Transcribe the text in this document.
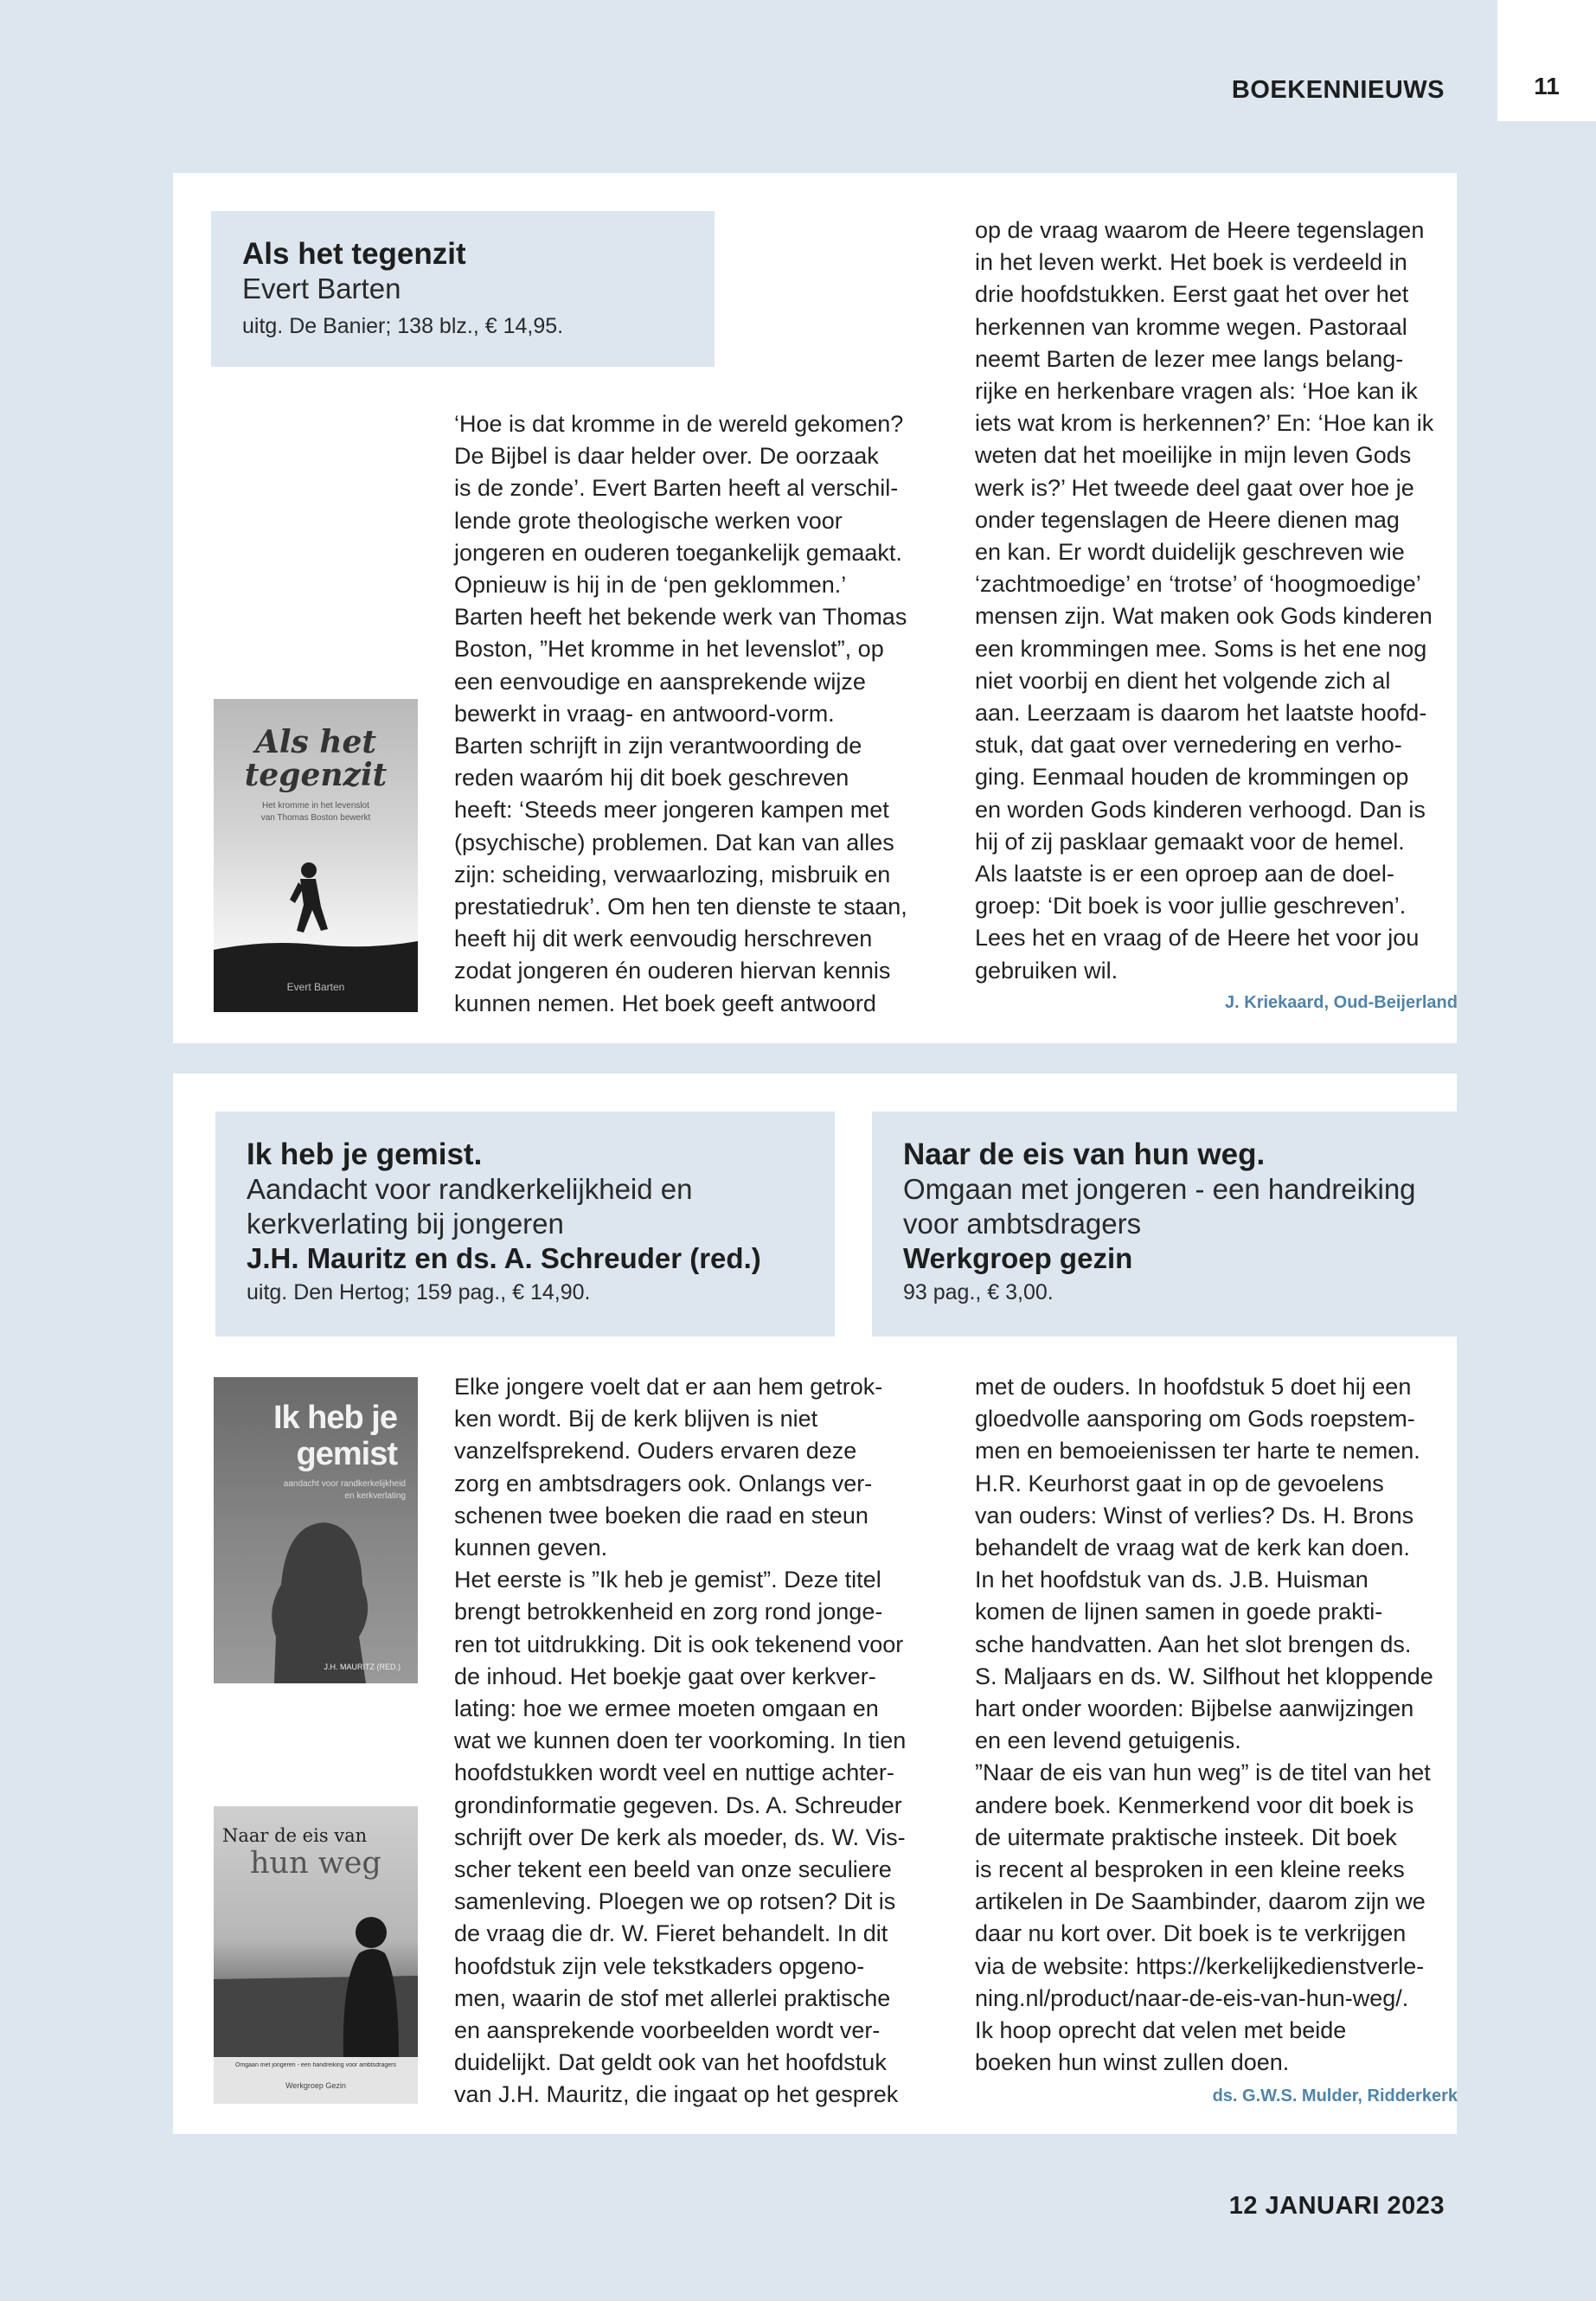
11
BOEKENNIEUWS
Als het tegenzit
Evert Barten
uitg. De Banier; 138 blz., € 14,95.
Als het
tegenzit
Het kromme in het levenslot
van Thomas Boston bewerkt
Evert Barten
‘Hoe is dat kromme in de wereld gekomen?
De Bijbel is daar helder over. De oorzaak
is de zonde’. Evert Barten heeft al verschil-
lende grote theologische werken voor
jongeren en ouderen toegankelijk gemaakt.
Opnieuw is hij in de ‘pen geklommen.’
Barten heeft het bekende werk van Thomas
Boston, ”Het kromme in het levenslot”, op
een eenvoudige en aansprekende wijze
bewerkt in vraag- en antwoord-vorm.
Barten schrijft in zijn verantwoording de
reden waaróm hij dit boek geschreven
heeft: ‘Steeds meer jongeren kampen met
(psychische) problemen. Dat kan van alles
zijn: scheiding, verwaarlozing, misbruik en
prestatiedruk’. Om hen ten dienste te staan,
heeft hij dit werk eenvoudig herschreven
zodat jongeren én ouderen hiervan kennis
kunnen nemen. Het boek geeft antwoord
op de vraag waarom de Heere tegenslagen
in het leven werkt. Het boek is verdeeld in
drie hoofdstukken. Eerst gaat het over het
herkennen van kromme wegen. Pastoraal
neemt Barten de lezer mee langs belang-
rijke en herkenbare vragen als: ‘Hoe kan ik
iets wat krom is herkennen?’ En: ‘Hoe kan ik
weten dat het moeilijke in mijn leven Gods
werk is?’ Het tweede deel gaat over hoe je
onder tegenslagen de Heere dienen mag
en kan. Er wordt duidelijk geschreven wie
‘zachtmoedige’ en ‘trotse’ of ‘hoogmoedige’
mensen zijn. Wat maken ook Gods kinderen
een krommingen mee. Soms is het ene nog
niet voorbij en dient het volgende zich al
aan. Leerzaam is daarom het laatste hoofd-
stuk, dat gaat over vernedering en verho-
ging. Eenmaal houden de krommingen op
en worden Gods kinderen verhoogd. Dan is
hij of zij pasklaar gemaakt voor de hemel.
Als laatste is er een oproep aan de doel-
groep: ‘Dit boek is voor jullie geschreven’.
Lees het en vraag of de Heere het voor jou
gebruiken wil.
J. Kriekaard, Oud-Beijerland
Ik heb je gemist.
Aandacht voor randkerkelijkheid en
kerkverlating bij jongeren
J.H. Mauritz en ds. A. Schreuder (red.)
uitg. Den Hertog; 159 pag., € 14,90.
Naar de eis van hun weg.
Omgaan met jongeren - een handreiking
voor ambtsdragers
Werkgroep gezin
93 pag., € 3,00.
Ik heb je
gemist
aandacht voor randkerkelijkheid
en kerkverlating
J.H. MAURITZ (RED.)
Naar de eis van
hun weg
Omgaan met jongeren - een handreiking voor ambtsdragers
Werkgroep Gezin
Elke jongere voelt dat er aan hem getrok-
ken wordt. Bij de kerk blijven is niet
vanzelfsprekend. Ouders ervaren deze
zorg en ambtsdragers ook. Onlangs ver-
schenen twee boeken die raad en steun
kunnen geven.
Het eerste is ”Ik heb je gemist”. Deze titel
brengt betrokkenheid en zorg rond jonge-
ren tot uitdrukking. Dit is ook tekenend voor
de inhoud. Het boekje gaat over kerkver-
lating: hoe we ermee moeten omgaan en
wat we kunnen doen ter voorkoming. In tien
hoofdstukken wordt veel en nuttige achter-
grondinformatie gegeven. Ds. A. Schreuder
schrijft over De kerk als moeder, ds. W. Vis-
scher tekent een beeld van onze seculiere
samenleving. Ploegen we op rotsen? Dit is
de vraag die dr. W. Fieret behandelt. In dit
hoofdstuk zijn vele tekstkaders opgeno-
men, waarin de stof met allerlei praktische
en aansprekende voorbeelden wordt ver-
duidelijkt. Dat geldt ook van het hoofdstuk
van J.H. Mauritz, die ingaat op het gesprek
met de ouders. In hoofdstuk 5 doet hij een
gloedvolle aansporing om Gods roepstem-
men en bemoeienissen ter harte te nemen.
H.R. Keurhorst gaat in op de gevoelens
van ouders: Winst of verlies? Ds. H. Brons
behandelt de vraag wat de kerk kan doen.
In het hoofdstuk van ds. J.B. Huisman
komen de lijnen samen in goede prakti-
sche handvatten. Aan het slot brengen ds.
S. Maljaars en ds. W. Silfhout het kloppende
hart onder woorden: Bijbelse aanwijzingen
en een levend getuigenis.
”Naar de eis van hun weg” is de titel van het
andere boek. Kenmerkend voor dit boek is
de uitermate praktische insteek. Dit boek
is recent al besproken in een kleine reeks
artikelen in De Saambinder, daarom zijn we
daar nu kort over. Dit boek is te verkrijgen
via de website: https://kerkelijkedienstverle-
ning.nl/product/naar-de-eis-van-hun-weg/.
Ik hoop oprecht dat velen met beide
boeken hun winst zullen doen.
ds. G.W.S. Mulder, Ridderkerk
12 JANUARI 2023
